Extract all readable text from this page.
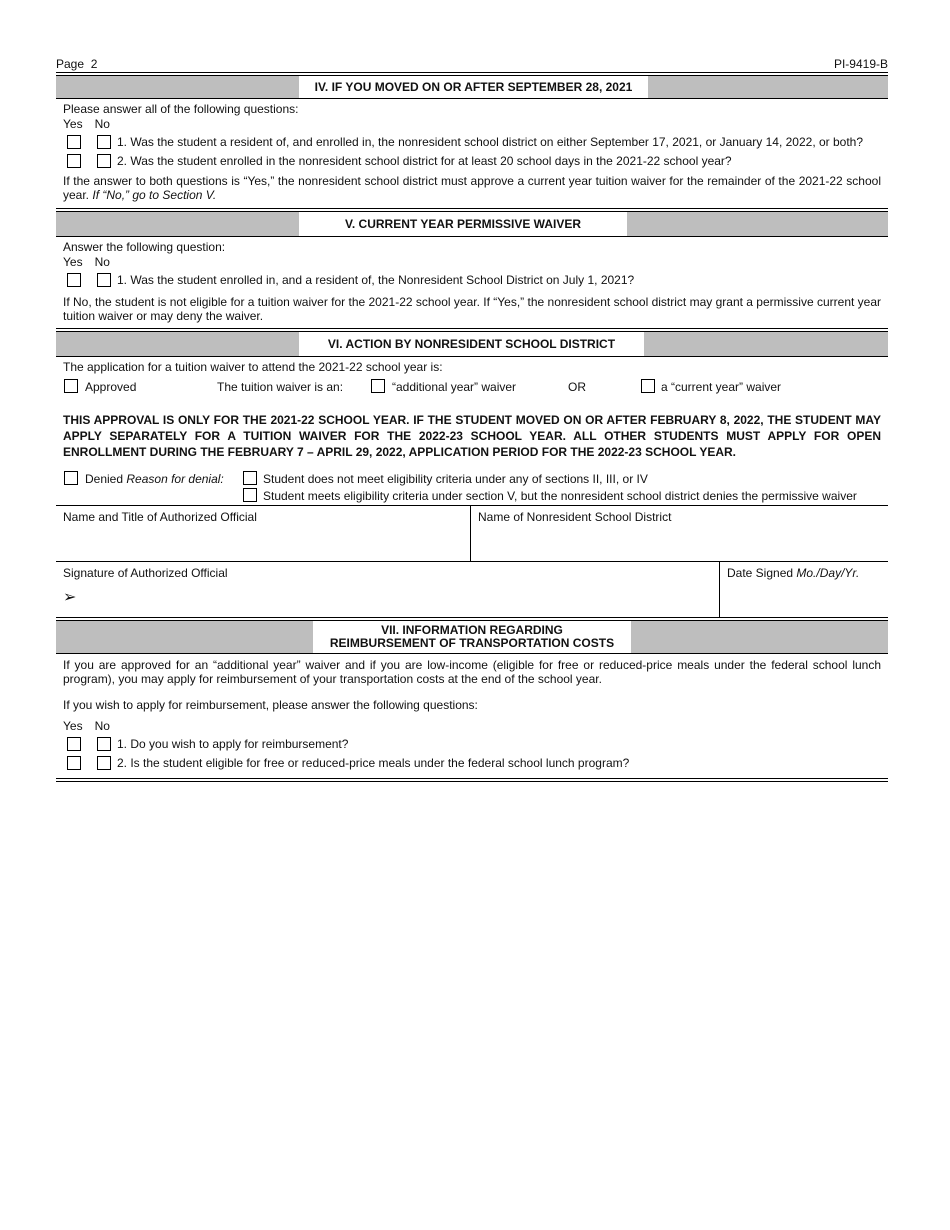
Page  2	PI-9419-B
IV. IF YOU MOVED ON OR AFTER SEPTEMBER 28, 2021
Please answer all of the following questions:
Yes No
1. Was the student a resident of, and enrolled in, the nonresident school district on either September 17, 2021, or January 14, 2022, or both?
2. Was the student enrolled in the nonresident school district for at least 20 school days in the 2021-22 school year?
If the answer to both questions is “Yes,” the nonresident school district must approve a current year tuition waiver for the remainder of the 2021-22 school year. If “No,” go to Section V.
V. CURRENT YEAR PERMISSIVE WAIVER
Answer the following question:
Yes No
1. Was the student enrolled in, and a resident of, the Nonresident School District on July 1, 2021?
If No, the student is not eligible for a tuition waiver for the 2021-22 school year. If “Yes,” the nonresident school district may grant a permissive current year tuition waiver or may deny the waiver.
VI. ACTION BY NONRESIDENT SCHOOL DISTRICT
The application for a tuition waiver to attend the 2021-22 school year is:
Approved	The tuition waiver is an:	“additional year” waiver	OR	a “current year” waiver
THIS APPROVAL IS ONLY FOR THE 2021-22 SCHOOL YEAR. IF THE STUDENT MOVED ON OR AFTER FEBRUARY 8, 2022, THE STUDENT MAY APPLY SEPARATELY FOR A TUITION WAIVER FOR THE 2022-23 SCHOOL YEAR. ALL OTHER STUDENTS MUST APPLY FOR OPEN ENROLLMENT DURING THE FEBRUARY 7 – APRIL 29, 2022, APPLICATION PERIOD FOR THE 2022-23 SCHOOL YEAR.
Denied Reason for denial:	Student does not meet eligibility criteria under any of sections II, III, or IV
Student meets eligibility criteria under section V, but the nonresident school district denies the permissive waiver
Name and Title of Authorized Official	Name of Nonresident School District
Signature of Authorized Official
➢
Date Signed Mo./Day/Yr.
VII. INFORMATION REGARDING
REIMBURSEMENT OF TRANSPORTATION COSTS
If you are approved for an “additional year” waiver and if you are low-income (eligible for free or reduced-price meals under the federal school lunch program), you may apply for reimbursement of your transportation costs at the end of the school year.
If you wish to apply for reimbursement, please answer the following questions:
Yes No
1. Do you wish to apply for reimbursement?
2. Is the student eligible for free or reduced-price meals under the federal school lunch program?
